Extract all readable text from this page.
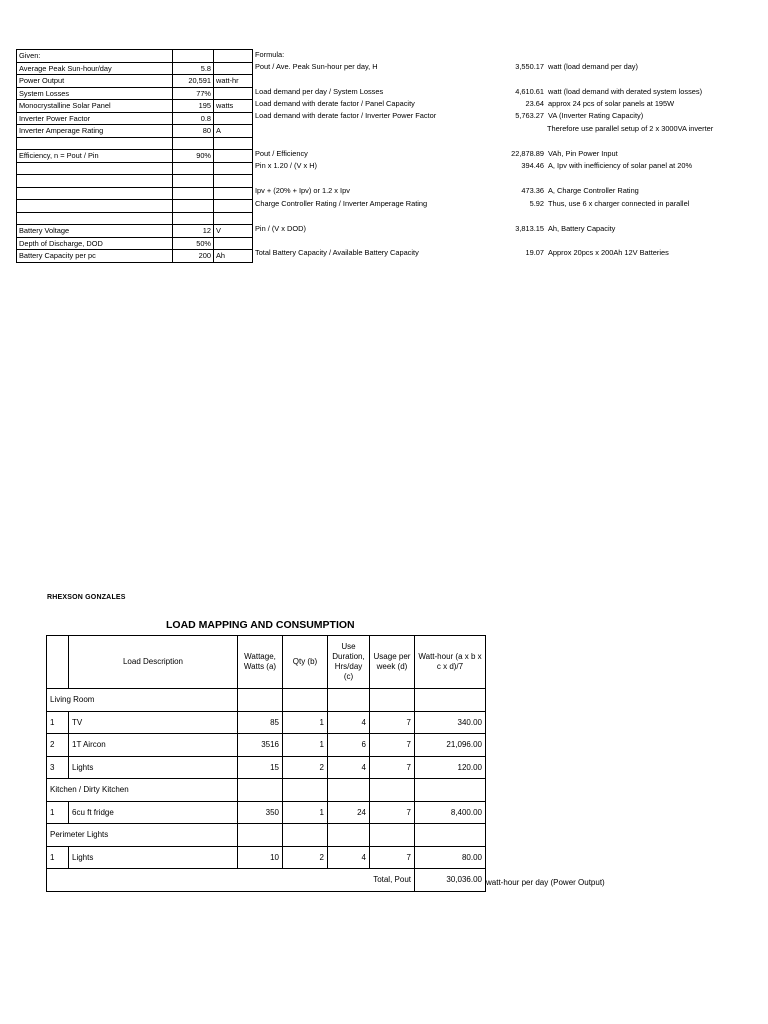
Given:		
Average Peak Sun-hour/day	5.8	
Power Output	20,591	watt-hr
System Losses	77%	
Monocrystalline Solar Panel	195	watts
Inverter Power Factor	0.8	
Inverter Amperage Rating	80	A

Efficiency, n = Pout / Pin	90%	

Battery Voltage	12	V
Depth of Discharge, DOD	50%	
Battery Capacity per pc	200	Ah
Formula:
Pout / Ave. Peak Sun-hour per day, H	3,550.17 watt (load demand per day)
Load demand per day / System Losses	4,610.61 watt (load demand with derated system losses)
Load demand with derate factor / Panel Capacity	23.64 approx 24 pcs of solar panels at 195W
Load demand with derate factor / Inverter Power Factor	5,763.27 VA (Inverter Rating Capacity)
Therefore use parallel setup of 2 x 3000VA inverter
Pout / Efficiency	22,878.89 VAh, Pin Power Input
Pin x 1.20 / (V x H)	394.46 A, Ipv with inefficiency of solar panel at 20%
Ipv + (20% + Ipv) or 1.2 x Ipv	473.36 A, Charge Controller Rating
Charge Controller Rating / Inverter Amperage Rating	5.92 Thus, use 6 x charger connected in parallel
Pin / (V x DOD)	3,813.15 Ah, Battery Capacity
Total Battery Capacity / Available Battery Capacity	19.07 Approx 20pcs x 200Ah 12V Batteries
RHEXSON GONZALES
LOAD MAPPING AND CONSUMPTION
	Load Description	Wattage, Watts (a)	Qty (b)	Use Duration, Hrs/day (c)	Usage per week (d)	Watt-hour (a x b x c x d)/7
Living Room						
1	TV	85	1	4	7	340.00
2	1T Aircon	3516	1	6	7	21,096.00
3	Lights	15	2	4	7	120.00
Kitchen / Dirty Kitchen						
1	6cu ft fridge	350	1	24	7	8,400.00
Perimeter Lights						
1	Lights	10	2	4	7	80.00
Total, Pout						30,036.00 watt-hour per day (Power Output)
